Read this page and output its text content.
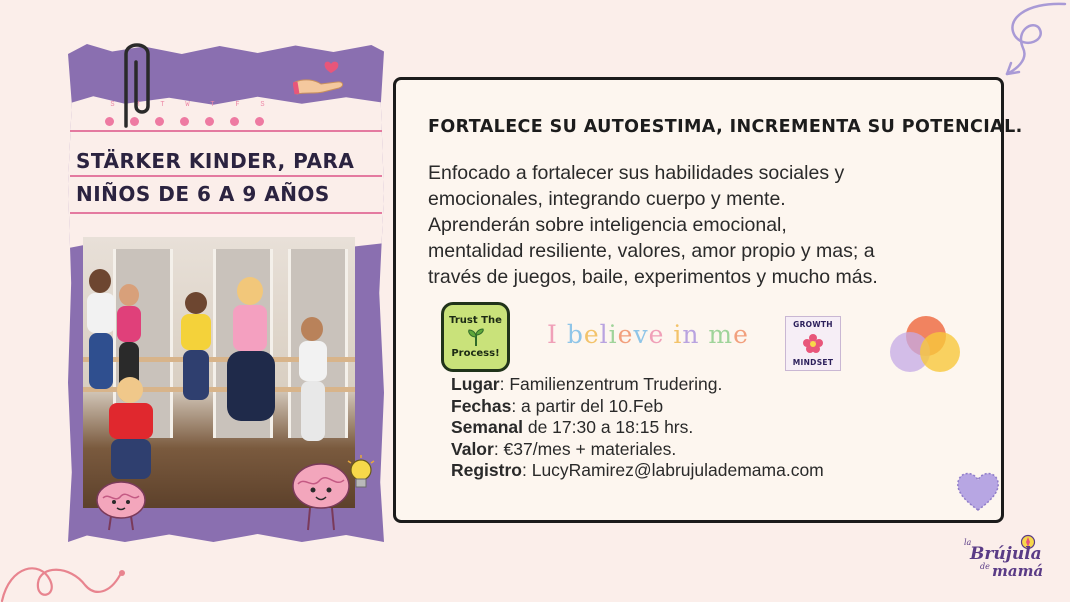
S	M	T	W	T	F	S
STÄRKER KINDER, PARA
NIÑOS DE 6 A 9 AÑOS
FORTALECE SU AUTOESTIMA, INCREMENTA SU POTENCIAL.
Enfocado a fortalecer sus habilidades sociales y
emocionales, integrando cuerpo y mente.
Aprenderán sobre inteligencia emocional,
mentalidad resiliente, valores, amor propio y mas; a
través de juegos, baile, experimentos y mucho más.
Trust The
Process!
I believe in me	GROWTH
MINDSET
Lugar: Familienzentrum Trudering.
Fechas: a partir del 10.Feb
Semanal de 17:30 a 18:15 hrs.
Valor: €37/mes + materiales.
Registro: LucyRamirez@labrujulademama.com
la
Brújula
de mamá
